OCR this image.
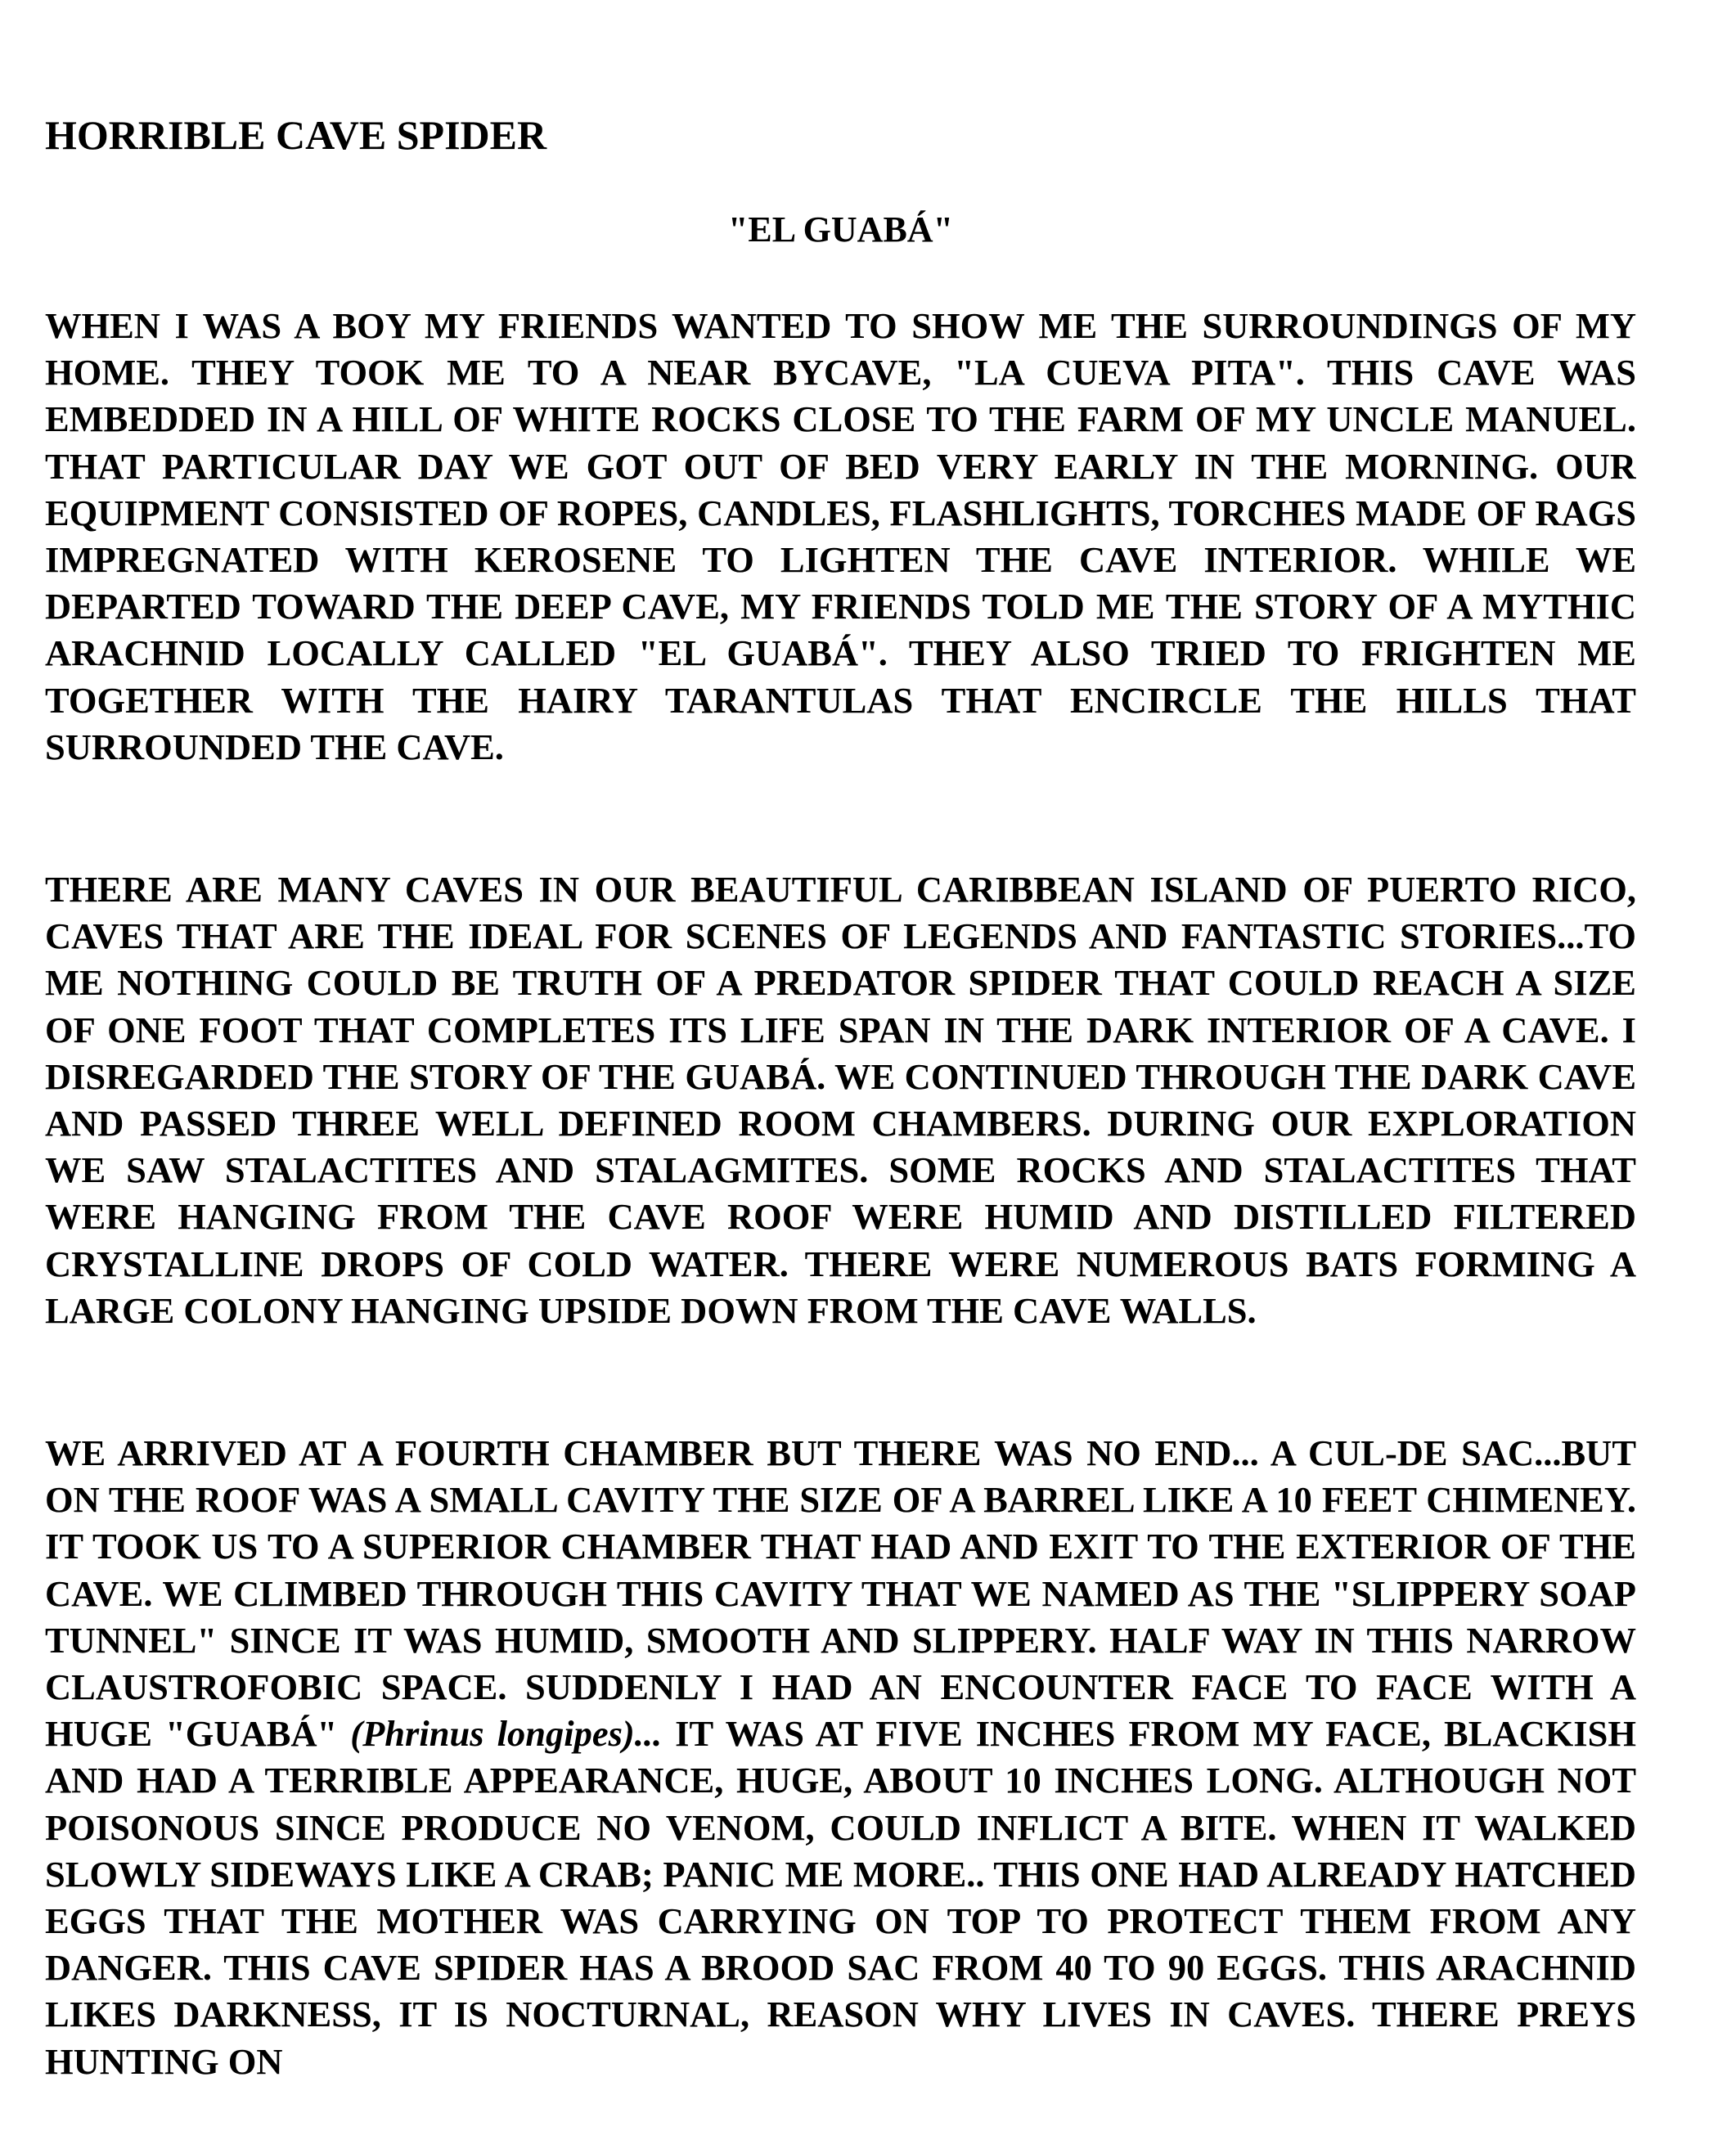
HORRIBLE CAVE SPIDER
"EL GUABÁ"

WHEN I WAS A BOY MY FRIENDS WANTED TO SHOW ME THE SURROUNDINGS OF MY HOME. THEY TOOK ME TO A NEAR BYCAVE, "LA CUEVA PITA". THIS CAVE WAS EMBEDDED IN A HILL OF WHITE ROCKS CLOSE TO THE FARM OF MY UNCLE MANUEL. THAT PARTICULAR DAY WE GOT OUT OF BED VERY EARLY IN THE MORNING. OUR EQUIPMENT CONSISTED OF ROPES, CANDLES, FLASHLIGHTS, TORCHES MADE OF RAGS IMPREGNATED WITH KEROSENE TO LIGHTEN THE CAVE INTERIOR. WHILE WE DEPARTED TOWARD THE DEEP CAVE, MY FRIENDS TOLD ME THE STORY OF A MYTHIC ARACHNID LOCALLY CALLED "EL GUABÁ". THEY ALSO TRIED TO FRIGHTEN ME TOGETHER WITH THE HAIRY TARANTULAS THAT ENCIRCLE THE HILLS THAT SURROUNDED THE CAVE.

THERE ARE MANY CAVES IN OUR BEAUTIFUL CARIBBEAN ISLAND OF PUERTO RICO, CAVES THAT ARE THE IDEAL FOR SCENES OF LEGENDS AND FANTASTIC STORIES...TO ME NOTHING COULD BE TRUTH OF A PREDATOR SPIDER THAT COULD REACH A SIZE OF ONE FOOT THAT COMPLETES ITS LIFE SPAN IN THE DARK INTERIOR OF A CAVE. I DISREGARDED THE STORY OF THE GUABÁ. WE CONTINUED THROUGH THE DARK CAVE AND PASSED THREE WELL DEFINED ROOM CHAMBERS. DURING OUR EXPLORATION WE SAW STALACTITES AND STALAGMITES. SOME ROCKS AND STALACTITES THAT WERE HANGING FROM THE CAVE ROOF WERE HUMID AND DISTILLED FILTERED CRYSTALLINE DROPS OF COLD WATER. THERE WERE NUMEROUS BATS FORMING A LARGE COLONY HANGING UPSIDE DOWN FROM THE CAVE WALLS.

WE ARRIVED AT A FOURTH CHAMBER BUT THERE WAS NO END... A CUL-DE SAC...BUT ON THE ROOF WAS A SMALL CAVITY THE SIZE OF A BARREL LIKE A 10 FEET CHIMENEY. IT TOOK US TO A SUPERIOR CHAMBER THAT HAD AND EXIT TO THE EXTERIOR OF THE CAVE. WE CLIMBED THROUGH THIS CAVITY THAT WE NAMED AS THE "SLIPPERY SOAP TUNNEL" SINCE IT WAS HUMID, SMOOTH AND SLIPPERY. HALF WAY IN THIS NARROW CLAUSTROFOBIC SPACE. SUDDENLY I HAD AN ENCOUNTER FACE TO FACE WITH A HUGE "GUABÁ" (Phrinus longipes)... IT WAS AT FIVE INCHES FROM MY FACE, BLACKISH AND HAD A TERRIBLE APPEARANCE, HUGE, ABOUT 10 INCHES LONG. ALTHOUGH NOT POISONOUS SINCE PRODUCE NO VENOM, COULD INFLICT A BITE. WHEN IT WALKED SLOWLY SIDEWAYS LIKE A CRAB; PANIC ME MORE.. THIS ONE HAD ALREADY HATCHED EGGS THAT THE MOTHER WAS CARRYING ON TOP TO PROTECT THEM FROM ANY DANGER. THIS CAVE SPIDER HAS A BROOD SAC FROM 40 TO 90 EGGS. THIS ARACHNID LIKES DARKNESS, IT IS NOCTURNAL, REASON WHY LIVES IN CAVES. THERE PREYS HUNTING ON
